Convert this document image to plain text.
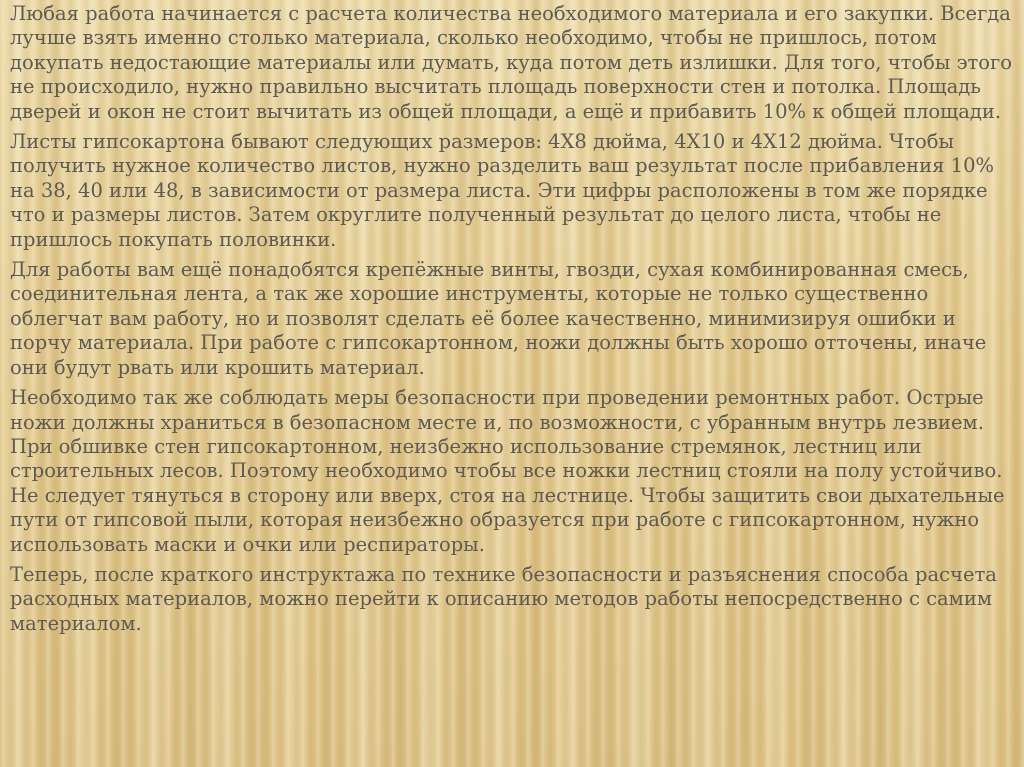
Любая работа начинается с расчета количества необходимого материала и его закупки. Всегда лучше взять именно столько материала, сколько необходимо, чтобы не пришлось, потом докупать недостающие материалы или думать, куда потом деть излишки. Для того, чтобы этого не происходило, нужно правильно высчитать площадь поверхности стен и потолка. Площадь дверей и окон не стоит вычитать из общей площади, а ещё и прибавить 10% к общей площади.

Листы гипсокартона бывают следующих размеров: 4X8 дюйма, 4X10 и 4X12 дюйма. Чтобы получить нужное количество листов, нужно разделить ваш результат после прибавления 10% на 38, 40 или 48, в зависимости от размера листа. Эти цифры расположены в том же порядке что и размеры листов. Затем округлите полученный результат до целого листа, чтобы не пришлось покупать половинки.

Для работы вам ещё понадобятся крепёжные винты, гвозди, сухая комбинированная смесь, соединительная лента, а так же хорошие инструменты, которые не только существенно облегчат вам работу, но и позволят сделать её более качественно, минимизируя ошибки и порчу материала. При работе с гипсокартонном, ножи должны быть хорошо отточены, иначе они будут рвать или крошить материал.

Необходимо так же соблюдать меры безопасности при проведении ремонтных работ. Острые ножи должны храниться в безопасном месте и, по возможности, с убранным внутрь лезвием. При обшивке стен гипсокартонном, неизбежно использование стремянок, лестниц или строительных лесов. Поэтому необходимо чтобы все ножки лестниц стояли на полу устойчиво. Не следует тянуться в сторону или вверх, стоя на лестнице. Чтобы защитить свои дыхательные пути от гипсовой пыли, которая неизбежно образуется при работе с гипсокартонном, нужно использовать маски и очки или респираторы.

Теперь, после краткого инструктажа по технике безопасности и разъяснения способа расчета расходных материалов, можно перейти к описанию методов работы непосредственно с самим материалом.
